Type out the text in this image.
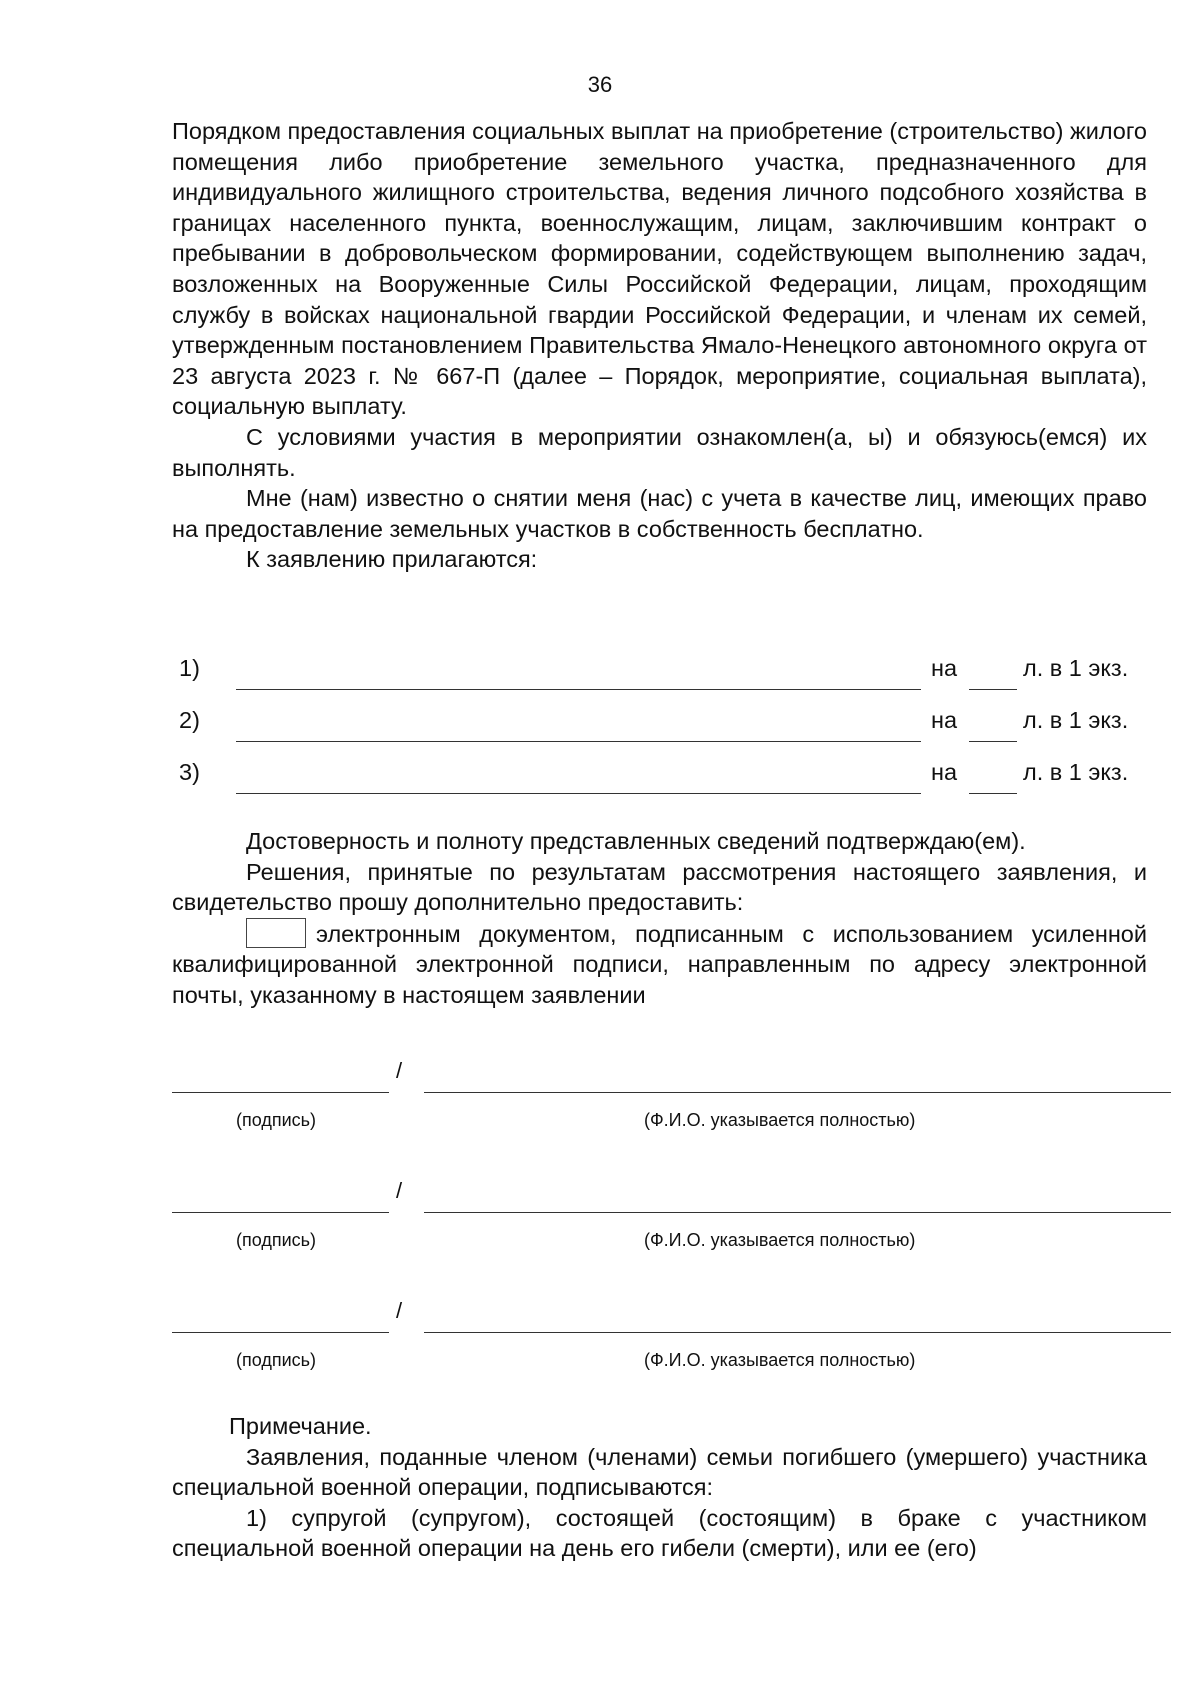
36

Порядком предоставления социальных выплат на приобретение (строительство) жилого помещения либо приобретение земельного участка, предназначенного для индивидуального жилищного строительства, ведения личного подсобного хозяйства в границах населенного пункта, военнослужащим, лицам, заключившим контракт о пребывании в добровольческом формировании, содействующем выполнению задач, возложенных на Вооруженные Силы Российской Федерации, лицам, проходящим службу в войсках национальной гвардии Российской Федерации, и членам их семей, утвержденным постановлением Правительства Ямало-Ненецкого автономного округа от 23 августа 2023 г. № 667-П (далее – Порядок, мероприятие, социальная выплата), социальную выплату.

С условиями участия в мероприятии ознакомлен(а, ы) и обязуюсь(емся) их выполнять.

Мне (нам) известно о снятии меня (нас) с учета в качестве лиц, имеющих право на предоставление земельных участков в собственность бесплатно.

К заявлению прилагаются:

1)	на	л. в 1 экз.
2)	на	л. в 1 экз.
3)	на	л. в 1 экз.

Достоверность и полноту представленных сведений подтверждаю(ем).

Решения, принятые по результатам рассмотрения настоящего заявления, и свидетельство прошу дополнительно предоставить:

электронным документом, подписанным с использованием усиленной квалифицированной электронной подписи, направленным по адресу электронной почты, указанному в настоящем заявлении

/
(подпись)	(Ф.И.О. указывается полностью)
/
(подпись)	(Ф.И.О. указывается полностью)
/
(подпись)	(Ф.И.О. указывается полностью)

Примечание.

Заявления, поданные членом (членами) семьи погибшего (умершего) участника специальной военной операции, подписываются:

1) супругой (супругом), состоящей (состоящим) в браке с участником специальной военной операции на день его гибели (смерти), или ее (его)
